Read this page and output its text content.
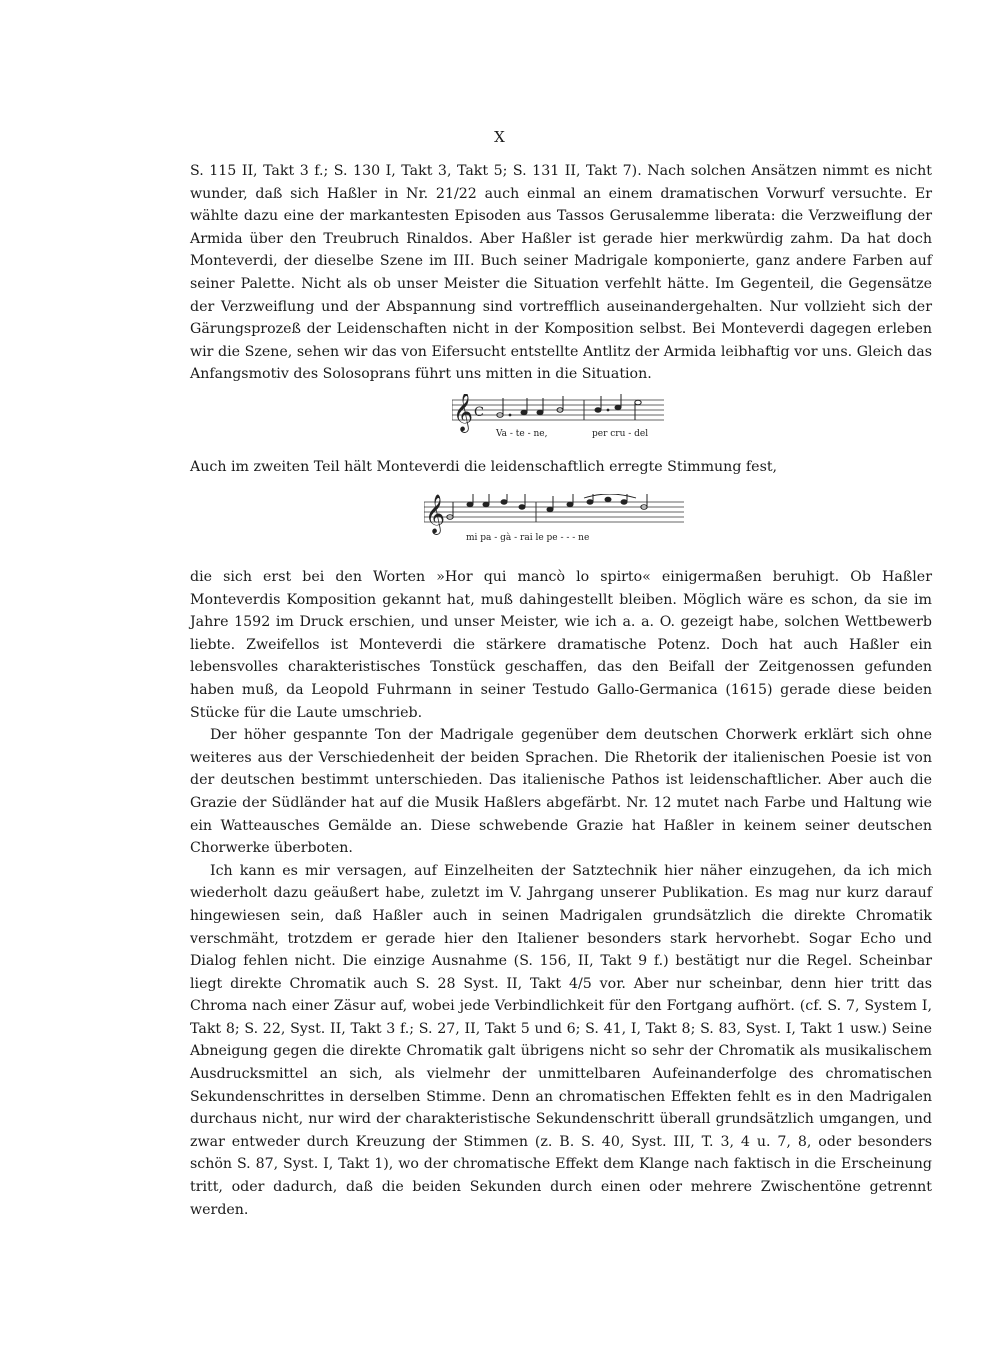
X

S. 115 II, Takt 3 f.; S. 130 I, Takt 3, Takt 5; S. 131 II, Takt 7). Nach solchen Ansätzen nimmt es nicht wunder, daß sich Haßler in Nr. 21/22 auch einmal an einem dramatischen Vorwurf versuchte. Er wählte dazu eine der markantesten Episoden aus Tassos Gerusalemme liberata: die Verzweiflung der Armida über den Treubruch Rinaldos. Aber Haßler ist gerade hier merkwürdig zahm. Da hat doch Monteverdi, der dieselbe Szene im III. Buch seiner Madrigale komponierte, ganz andere Farben auf seiner Palette. Nicht als ob unser Meister die Situation verfehlt hätte. Im Gegenteil, die Gegensätze der Verzweiflung und der Abspannung sind vortrefflich auseinandergehalten. Nur vollzieht sich der Gärungsprozeß der Leidenschaften nicht in der Komposition selbst. Bei Monteverdi dagegen erleben wir die Szene, sehen wir das von Eifersucht entstellte Antlitz der Armida leibhaftig vor uns. Gleich das Anfangsmotiv des Solosoprans führt uns mitten in die Situation.

𝄞 C
Va - te - ne,	per cru - del

Auch im zweiten Teil hält Monteverdi die leidenschaftlich erregte Stimmung fest,

𝄞
mi pa - gà - rai le pe - - - ne

die sich erst bei den Worten »Hor qui mancò lo spirto« einigermaßen beruhigt. Ob Haßler Monteverdis Komposition gekannt hat, muß dahingestellt bleiben. Möglich wäre es schon, da sie im Jahre 1592 im Druck erschien, und unser Meister, wie ich a. a. O. gezeigt habe, solchen Wettbewerb liebte. Zweifellos ist Monteverdi die stärkere dramatische Potenz. Doch hat auch Haßler ein lebensvolles charakteristisches Tonstück geschaffen, das den Beifall der Zeitgenossen gefunden haben muß, da Leopold Fuhrmann in seiner Testudo Gallo-Germanica (1615) gerade diese beiden Stücke für die Laute umschrieb.

Der höher gespannte Ton der Madrigale gegenüber dem deutschen Chorwerk erklärt sich ohne weiteres aus der Verschiedenheit der beiden Sprachen. Die Rhetorik der italienischen Poesie ist von der deutschen bestimmt unterschieden. Das italienische Pathos ist leidenschaftlicher. Aber auch die Grazie der Südländer hat auf die Musik Haßlers abgefärbt. Nr. 12 mutet nach Farbe und Haltung wie ein Watteausches Gemälde an. Diese schwebende Grazie hat Haßler in keinem seiner deutschen Chorwerke überboten.

Ich kann es mir versagen, auf Einzelheiten der Satztechnik hier näher einzugehen, da ich mich wiederholt dazu geäußert habe, zuletzt im V. Jahrgang unserer Publikation. Es mag nur kurz darauf hingewiesen sein, daß Haßler auch in seinen Madrigalen grundsätzlich die direkte Chromatik verschmäht, trotzdem er gerade hier den Italiener besonders stark hervorhebt. Sogar Echo und Dialog fehlen nicht. Die einzige Ausnahme (S. 156, II, Takt 9 f.) bestätigt nur die Regel. Scheinbar liegt direkte Chromatik auch S. 28 Syst. II, Takt 4/5 vor. Aber nur scheinbar, denn hier tritt das Chroma nach einer Zäsur auf, wobei jede Verbindlichkeit für den Fortgang aufhört. (cf. S. 7, System I, Takt 8; S. 22, Syst. II, Takt 3 f.; S. 27, II, Takt 5 und 6; S. 41, I, Takt 8; S. 83, Syst. I, Takt 1 usw.) Seine Abneigung gegen die direkte Chromatik galt übrigens nicht so sehr der Chromatik als musikalischem Ausdrucksmittel an sich, als vielmehr der unmittelbaren Aufeinanderfolge des chromatischen Sekundenschrittes in derselben Stimme. Denn an chromatischen Effekten fehlt es in den Madrigalen durchaus nicht, nur wird der charakteristische Sekundenschritt überall grundsätzlich umgangen, und zwar entweder durch Kreuzung der Stimmen (z. B. S. 40, Syst. III, T. 3, 4 u. 7, 8, oder besonders schön S. 87, Syst. I, Takt 1), wo der chromatische Effekt dem Klange nach faktisch in die Erscheinung tritt, oder dadurch, daß die beiden Sekunden durch einen oder mehrere Zwischentöne getrennt werden.
